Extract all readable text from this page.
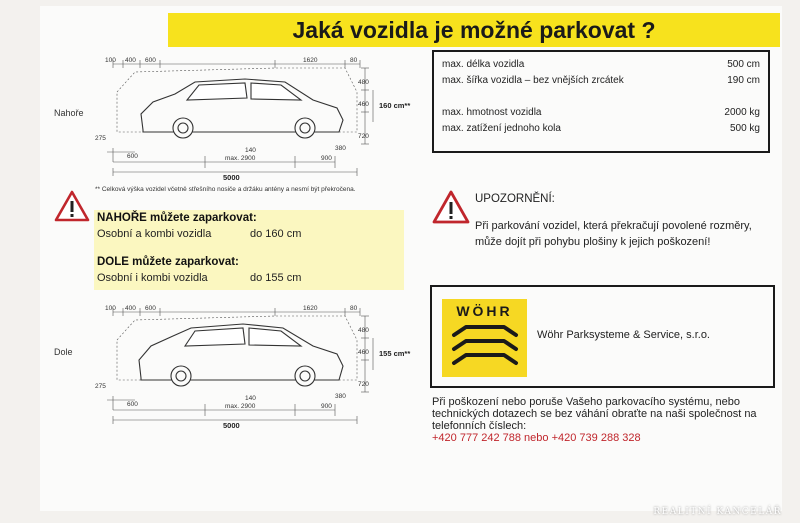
Jaká vozidla je možné parkovat ?
Nahoře
100 400 600	1620	80
480
460
720
275
600
140	380
max. 2900	900
160 cm**
5000
** Celková výška vozidel včetně střešního nosiče a držáku antény a nesmí být překročena.
NAHOŘE můžete zaparkovat:
Osobní a kombi vozidla	do 160 cm
DOLE můžete zaparkovat:
Osobní i kombi vozidla	do 155 cm
Dole
100 400 600	1620	80
480
460
720
275
600
140	380
max. 2900	900
155 cm**
5000
max. délka vozidla	500 cm
max. šířka vozidla – bez vnějších zrcátek	190 cm
max. hmotnost vozidla	2000 kg
max. zatížení jednoho kola	500 kg
UPOZORNĚNÍ:
Při parkování vozidel, která překračují povolené rozměry, může dojít při pohybu plošiny k jejich poškození!
WÖHR
Wöhr Parksysteme & Service, s.r.o.
Při poškození nebo poruše Vašeho parkovacího systému, nebo technických dotazech se bez váhání obraťte na naši společnost na telefonních číslech:
+420 777 242 788 nebo +420 739 288 328
REALITNÍ KANCELÁŘ
